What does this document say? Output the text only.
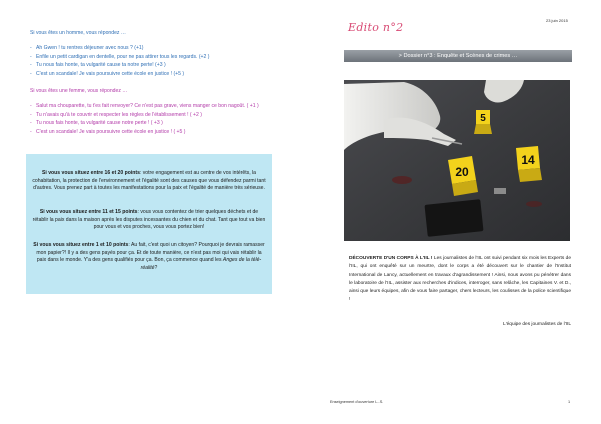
Si vous êtes un homme, vous répondez …
- Ah Gwen ! tu rentres déjeuner avec nous ? (+1)
- Enfile un petit cardigan en dentelle, pour ne pas attirer tous les regards. (+2 )
- Tu nous fais honte, ta vulgarité cause ta notre perte! (+3 )
- C'est un scandale! Je vais poursuivre cette école en justice ! (+5 )
Si vous êtes une femme, vous répondez …
- Salut ma chouparette, tu t'es fait renvoyer? Ce n'est pas grave, viens manger ce bon nagoût. ( +1 )
- Tu n'avais qu'à te couvrir et respecter les règles de l'établissement ! ( +2 )
- Tu nous fais honte, ta vulgarité cause notre perte ! ( +3 )
- C'est un scandale! Je vais poursuivre cette école en justice ! ( +5 )
Si vous vous situez entre 16 et 20 points: votre engagement est au centre de vos intérêts, la cohabitation, la protection de l'environnement et l'égalité sont des causes que vous défendez parmi tant d'autres. Vous prenez part à toutes les manifestations pour la paix et l'égalité de manière très sérieuse.
Si vous vous situez entre 11 et 15 points: vous vous contentez de trier quelques déchets et de rétablir la paix dans la maison après les disputes incessantes du chien et du chat. Tant que tout va bien pour vous et vos proches, vous vous portez bien!
Si vous vous situez entre 1 et 10 points: Au fait, c'est quoi un citoyen? Pourquoi je devrais ramasser mon papier?! Il y a des gens payés pour ça. Et de toute manière, ce n'est pas moi qui vais rétablir la paix dans le monde. Y'a des gens qualifiés pour ça. Bon, ça commence quand les Anges de la télé-réalité?
Edito n°2
23 juin 2015
> Dossier n°3 : Enquête et Scènes de crimes …
5
20
14
DÉCOUVERTE D'UN CORPS À L'IIL ! Les journalistes de l'IIL ont suivi pendant six mois les Experts de l'IIL, qui ont enquêté sur un meurtre, dont le corps a été découvert sur le chantier de l'Institut International de Lancy, actuellement en travaux d'agrandissement ! Ainsi, nous avons pu pénétrer dans le laboratoire de l'IIL, assister aux recherches d'indices, interroger, sans relâche, les Capitaines V. et D., ainsi que leurs équipes, afin de vous faire partager, chers lecteurs, les coulisses de la police scientifique !
L'équipe des journalistes de l'IIL
Enseignement d'ouverture L.-S.	1
